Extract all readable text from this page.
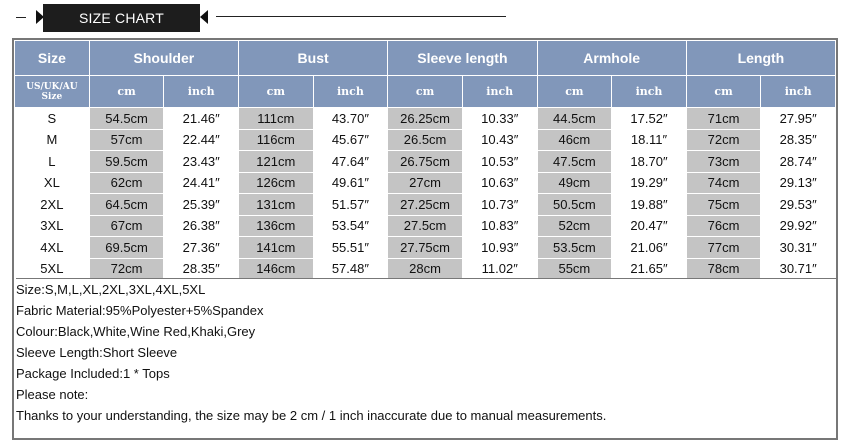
SIZE CHART
Size	Shoulder		Bust		Sleeve length		Armhole		Length	

US/UK/AU
Size	cm	inch	cm	inch	cm	inch	cm	inch	cm	inch
S	54.5cm	21.46″	111cm	43.70″	26.25cm	10.33″	44.5cm	17.52″	71cm	27.95″
M	57cm	22.44″	116cm	45.67″	26.5cm	10.43″	46cm	18.11″	72cm	28.35″
L	59.5cm	23.43″	121cm	47.64″	26.75cm	10.53″	47.5cm	18.70″	73cm	28.74″
XL	62cm	24.41″	126cm	49.61″	27cm	10.63″	49cm	19.29″	74cm	29.13″
2XL	64.5cm	25.39″	131cm	51.57″	27.25cm	10.73″	50.5cm	19.88″	75cm	29.53″
3XL	67cm	26.38″	136cm	53.54″	27.5cm	10.83″	52cm	20.47″	76cm	29.92″
4XL	69.5cm	27.36″	141cm	55.51″	27.75cm	10.93″	53.5cm	21.06″	77cm	30.31″
5XL	72cm	28.35″	146cm	57.48″	28cm	11.02″	55cm	21.65″	78cm	30.71″
Size:S,M,L,XL,2XL,3XL,4XL,5XL
Fabric Material:95%Polyester+5%Spandex
Colour:Black,White,Wine Red,Khaki,Grey
Sleeve Length:Short Sleeve
Package Included:1 * Tops
Please note:
Thanks to your understanding, the size may be 2 cm / 1 inch inaccurate due to manual measurements.
